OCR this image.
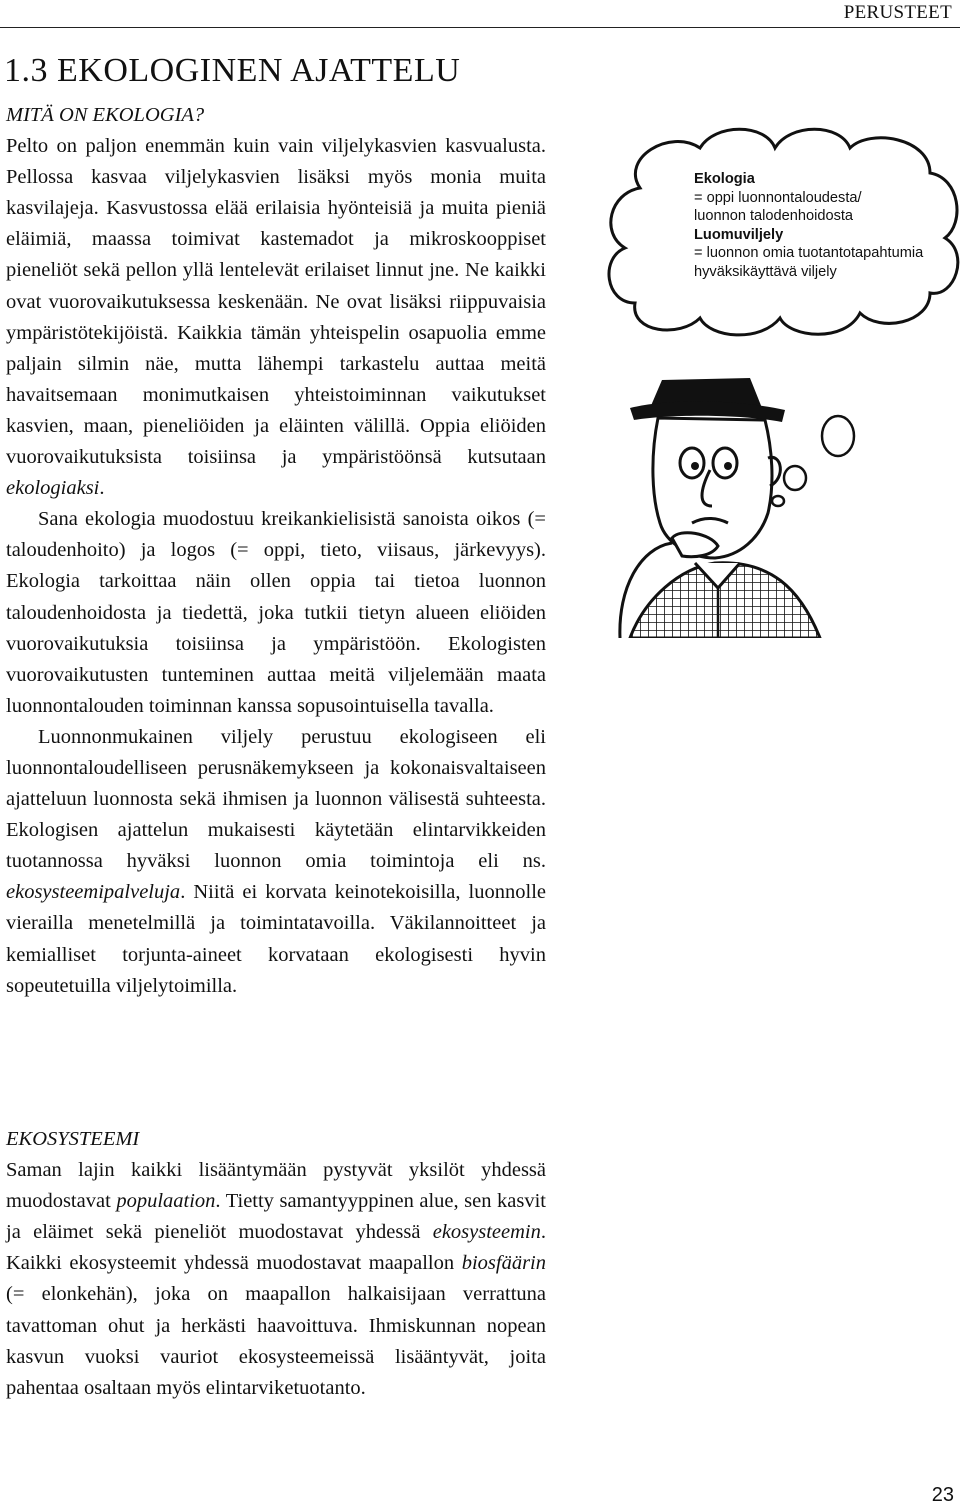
PERUSTEET
1.3 EKOLOGINEN AJATTELU
MITÄ ON EKOLOGIA?

Pelto on paljon enemmän kuin vain viljelykasvien kasvualusta. Pellossa kasvaa viljelykasvien lisäksi myös monia muita kasvilajeja. Kasvustossa elää erilaisia hyönteisiä ja muita pieniä eläimiä, maassa toimivat kastemadot ja mikroskooppiset pieneliöt sekä pellon yllä lentelevät erilaiset linnut jne. Ne kaikki ovat vuorovaikutuksessa keskenään. Ne ovat lisäksi riippuvaisia ympäristötekijöistä. Kaikkia tämän yhteispelin osapuolia emme paljain silmin näe, mutta lähempi tarkastelu auttaa meitä havaitsemaan monimutkaisen yhteistoiminnan vaikutukset kasvien, maan, pieneliöiden ja eläinten välillä. Oppia eliöiden vuorovaikutuksista toisiinsa ja ympäristöönsä kutsutaan ekologiaksi.

Sana ekologia muodostuu kreikankielisistä sanoista oikos (= taloudenhoito) ja logos (= oppi, tieto, viisaus, järkevyys). Ekologia tarkoittaa näin ollen oppia tai tietoa luonnon taloudenhoidosta ja tiedettä, joka tutkii tietyn alueen eliöiden vuorovaikutuksia toisiinsa ja ympäristöön. Ekologisten vuorovaikutusten tunteminen auttaa meitä viljelemään maata luonnontalouden toiminnan kanssa sopusointuisella tavalla.

Luonnonmukainen viljely perustuu ekologiseen eli luonnontaloudelliseen perusnäkemykseen ja kokonaisvaltaiseen ajatteluun luonnosta sekä ihmisen ja luonnon välisestä suhteesta. Ekologisen ajattelun mukaisesti käytetään elintarvikkeiden tuotannossa hyväksi luonnon omia toimintoja eli ns. ekosysteemipalveluja. Niitä ei korvata keinotekoisilla, luonnolle vierailla menetelmillä ja toimintatavoilla. Väkilannoitteet ja kemialliset torjunta-aineet korvataan ekologisesti hyvin sopeutetuilla viljelytoimilla.

EKOSYSTEEMI

Saman lajin kaikki lisääntymään pystyvät yksilöt yhdessä muodostavat populaation. Tietty samantyyppinen alue, sen kasvit ja eläimet sekä pieneliöt muodostavat yhdessä ekosysteemin. Kaikki ekosysteemit yhdessä muodostavat maapallon biosfäärin (= elonkehän), joka on maapallon halkaisijaan verrattuna tavattoman ohut ja herkästi haavoittuva. Ihmiskunnan nopean kasvun vuoksi vauriot ekosysteemeissä lisääntyvät, joita pahentaa osaltaan myös elintarviketuotanto.

Ekologia
= oppi luonnontaloudesta/
luonnon talodenhoidosta
Luomuviljely
= luonnon omia tuotantotapahtumia
hyväksikäyttävä viljely
23
